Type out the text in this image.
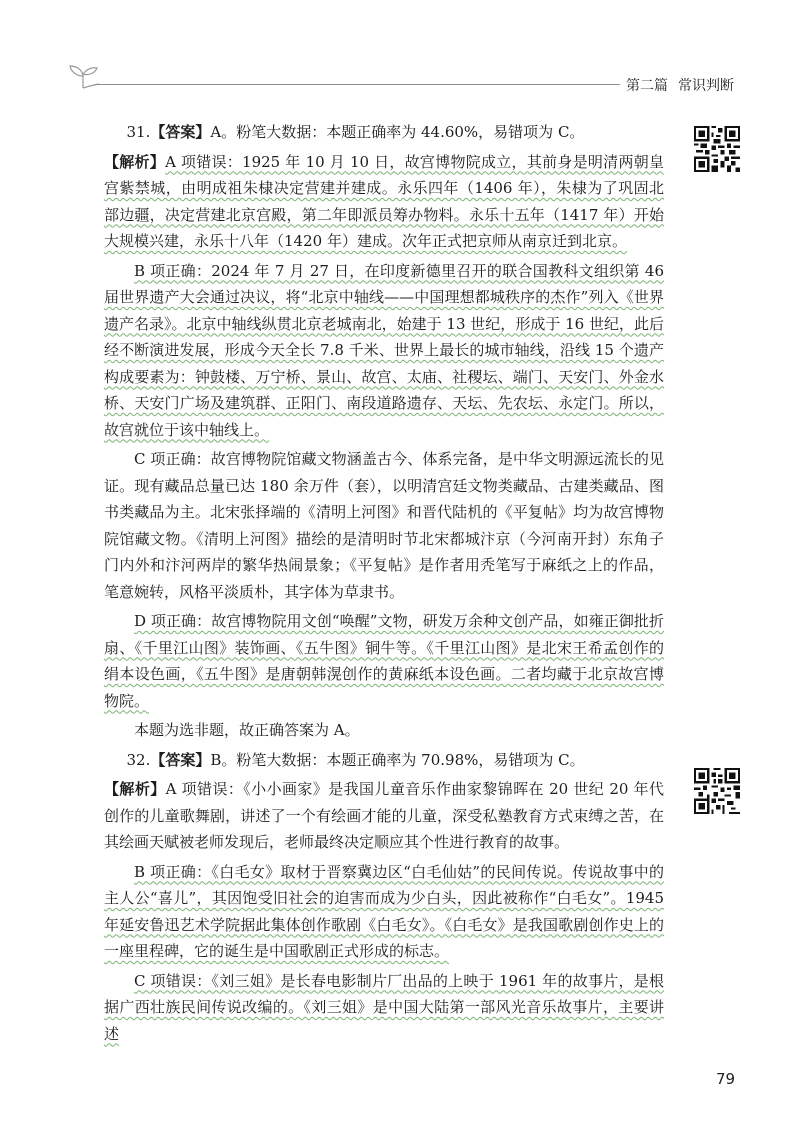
第二篇 常识判断

31.【答案】A。粉笔大数据：本题正确率为 44.60%，易错项为 C。

【解析】A 项错误：1925 年 10 月 10 日，故宫博物院成立，其前身是明清两朝皇宫紫禁城，由明成祖朱棣决定营建并建成。永乐四年（1406 年），朱棣为了巩固北部边疆，决定营建北京宫殿，第二年即派员筹办物料。永乐十五年（1417 年）开始大规模兴建，永乐十八年（1420 年）建成。次年正式把京师从南京迁到北京。

B 项正确：2024 年 7 月 27 日，在印度新德里召开的联合国教科文组织第 46 届世界遗产大会通过决议，将“北京中轴线——中国理想都城秩序的杰作”列入《世界遗产名录》。北京中轴线纵贯北京老城南北，始建于 13 世纪，形成于 16 世纪，此后经不断演进发展，形成今天全长 7.8 千米、世界上最长的城市轴线，沿线 15 个遗产构成要素为：钟鼓楼、万宁桥、景山、故宫、太庙、社稷坛、端门、天安门、外金水桥、天安门广场及建筑群、正阳门、南段道路遗存、天坛、先农坛、永定门。所以，故宫就位于该中轴线上。

C 项正确：故宫博物院馆藏文物涵盖古今、体系完备，是中华文明源远流长的见证。现有藏品总量已达 180 余万件（套），以明清宫廷文物类藏品、古建类藏品、图书类藏品为主。北宋张择端的《清明上河图》和晋代陆机的《平复帖》均为故宫博物院馆藏文物。《清明上河图》描绘的是清明时节北宋都城汴京（今河南开封）东角子门内外和汴河两岸的繁华热闹景象；《平复帖》是作者用秃笔写于麻纸之上的作品，笔意婉转，风格平淡质朴，其字体为草隶书。

D 项正确：故宫博物院用文创“唤醒”文物，研发万余种文创产品，如雍正御批折扇、《千里江山图》装饰画、《五牛图》铜牛等。《千里江山图》是北宋王希孟创作的绢本设色画，《五牛图》是唐朝韩滉创作的黄麻纸本设色画。二者均藏于北京故宫博物院。

本题为选非题，故正确答案为 A。

32.【答案】B。粉笔大数据：本题正确率为 70.98%，易错项为 C。

【解析】A 项错误：《小小画家》是我国儿童音乐作曲家黎锦晖在 20 世纪 20 年代创作的儿童歌舞剧，讲述了一个有绘画才能的儿童，深受私塾教育方式束缚之苦，在其绘画天赋被老师发现后，老师最终决定顺应其个性进行教育的故事。

B 项正确：《白毛女》取材于晋察冀边区“白毛仙姑”的民间传说。传说故事中的主人公“喜儿”，其因饱受旧社会的迫害而成为少白头，因此被称作“白毛女”。1945 年延安鲁迅艺术学院据此集体创作歌剧《白毛女》。《白毛女》是我国歌剧创作史上的一座里程碑，它的诞生是中国歌剧正式形成的标志。

C 项错误：《刘三姐》是长春电影制片厂出品的上映于 1961 年的故事片，是根据广西壮族民间传说改编的。《刘三姐》是中国大陆第一部风光音乐故事片，主要讲述

79
